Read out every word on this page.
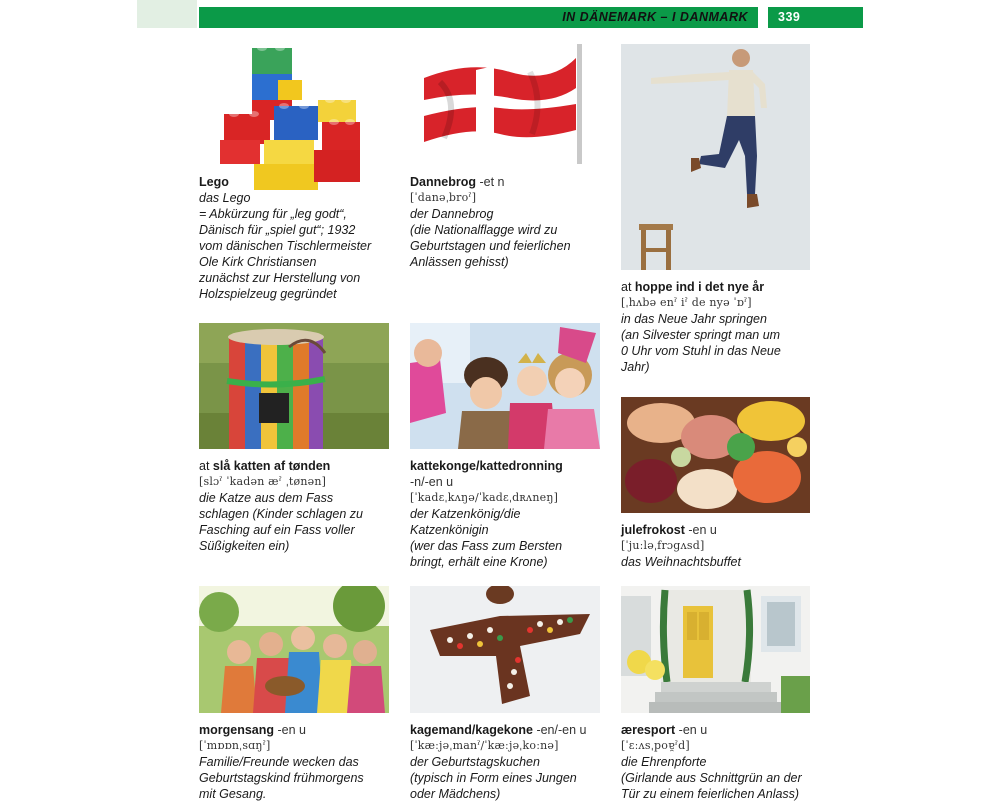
IN DÄNEMARK – I DANMARK 339
Lego
das Lego
= Abkürzung für „leg godt“,
Dänisch für „spiel gut“; 1932
vom dänischen Tischlermeister
Ole Kirk Christiansen
zunächst zur Herstellung von
Holzspielzeug gegründet
Dannebrog -et n
[ˈdanəˌbroˀ]
der Dannebrog
(die Nationalflagge wird zu
Geburtstagen und feierlichen
Anlässen gehisst)
at hoppe ind i det nye år
[ˌhʌbə enˀ iˀ de nyə ˈɒˀ]
in das Neue Jahr springen
(an Silvester springt man um
0 Uhr vom Stuhl in das Neue
Jahr)
at slå katten af tønden
[slɔˀ ˈkadən æˀ ˌtønən]
die Katze aus dem Fass
schlagen (Kinder schlagen zu
Fasching auf ein Fass voller
Süßigkeiten ein)
kattekonge/kattedronning
-n/-en u
[ˈkadɛˌkʌŋə/ˈkadɛˌdʀʌneŋ]
der Katzenkönig/die
Katzenkönigin
(wer das Fass zum Bersten
bringt, erhält eine Krone)
julefrokost -en u
[ˈjuːləˌfrɔgʌsd]
das Weihnachtsbuffet
morgensang -en u
[ˈmɒɒnˌsɑŋˀ]
Familie/Freunde wecken das
Geburtstagskind frühmorgens
mit Gesang.
kagemand/kagekone -en/-en u
[ˈkæːjəˌmanˀ/ˈkæːjəˌkoːnə]
der Geburtstagskuchen
(typisch in Form eines Jungen
oder Mädchens)
æresport -en u
[ˈɛːʌsˌpoɐ̯ˀd]
die Ehrenpforte
(Girlande aus Schnittgrün an der
Tür zu einem feierlichen Anlass)
